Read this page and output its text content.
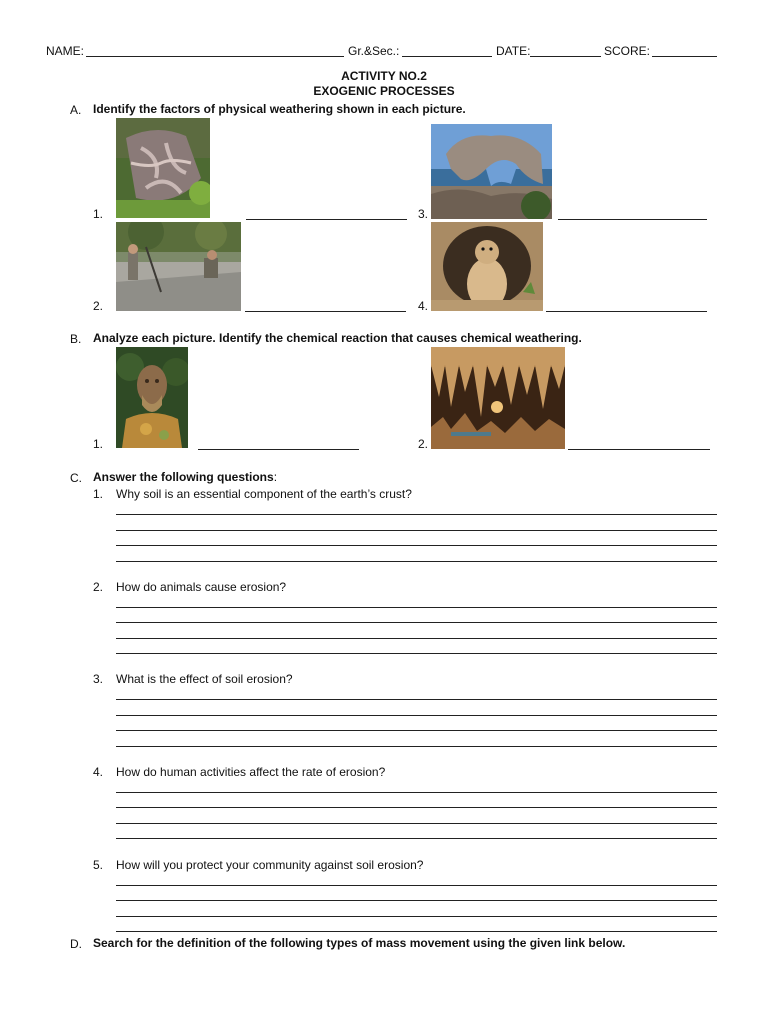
NAME:	Gr.&Sec.:	DATE:	SCORE:
ACTIVITY NO.2
EXOGENIC PROCESSES
A. Identify the factors of physical weathering shown in each picture.
1.
2.
3.
4.
B. Analyze each picture. Identify the chemical reaction that causes chemical weathering.
1.	2.
C. Answer the following questions:
1. Why soil is an essential component of the earth’s crust?
2. How do animals cause erosion?
3. What is the effect of soil erosion?
4. How do human activities affect the rate of erosion?
5. How will you protect your community against soil erosion?
D. Search for the definition of the following types of mass movement using the given link below.
